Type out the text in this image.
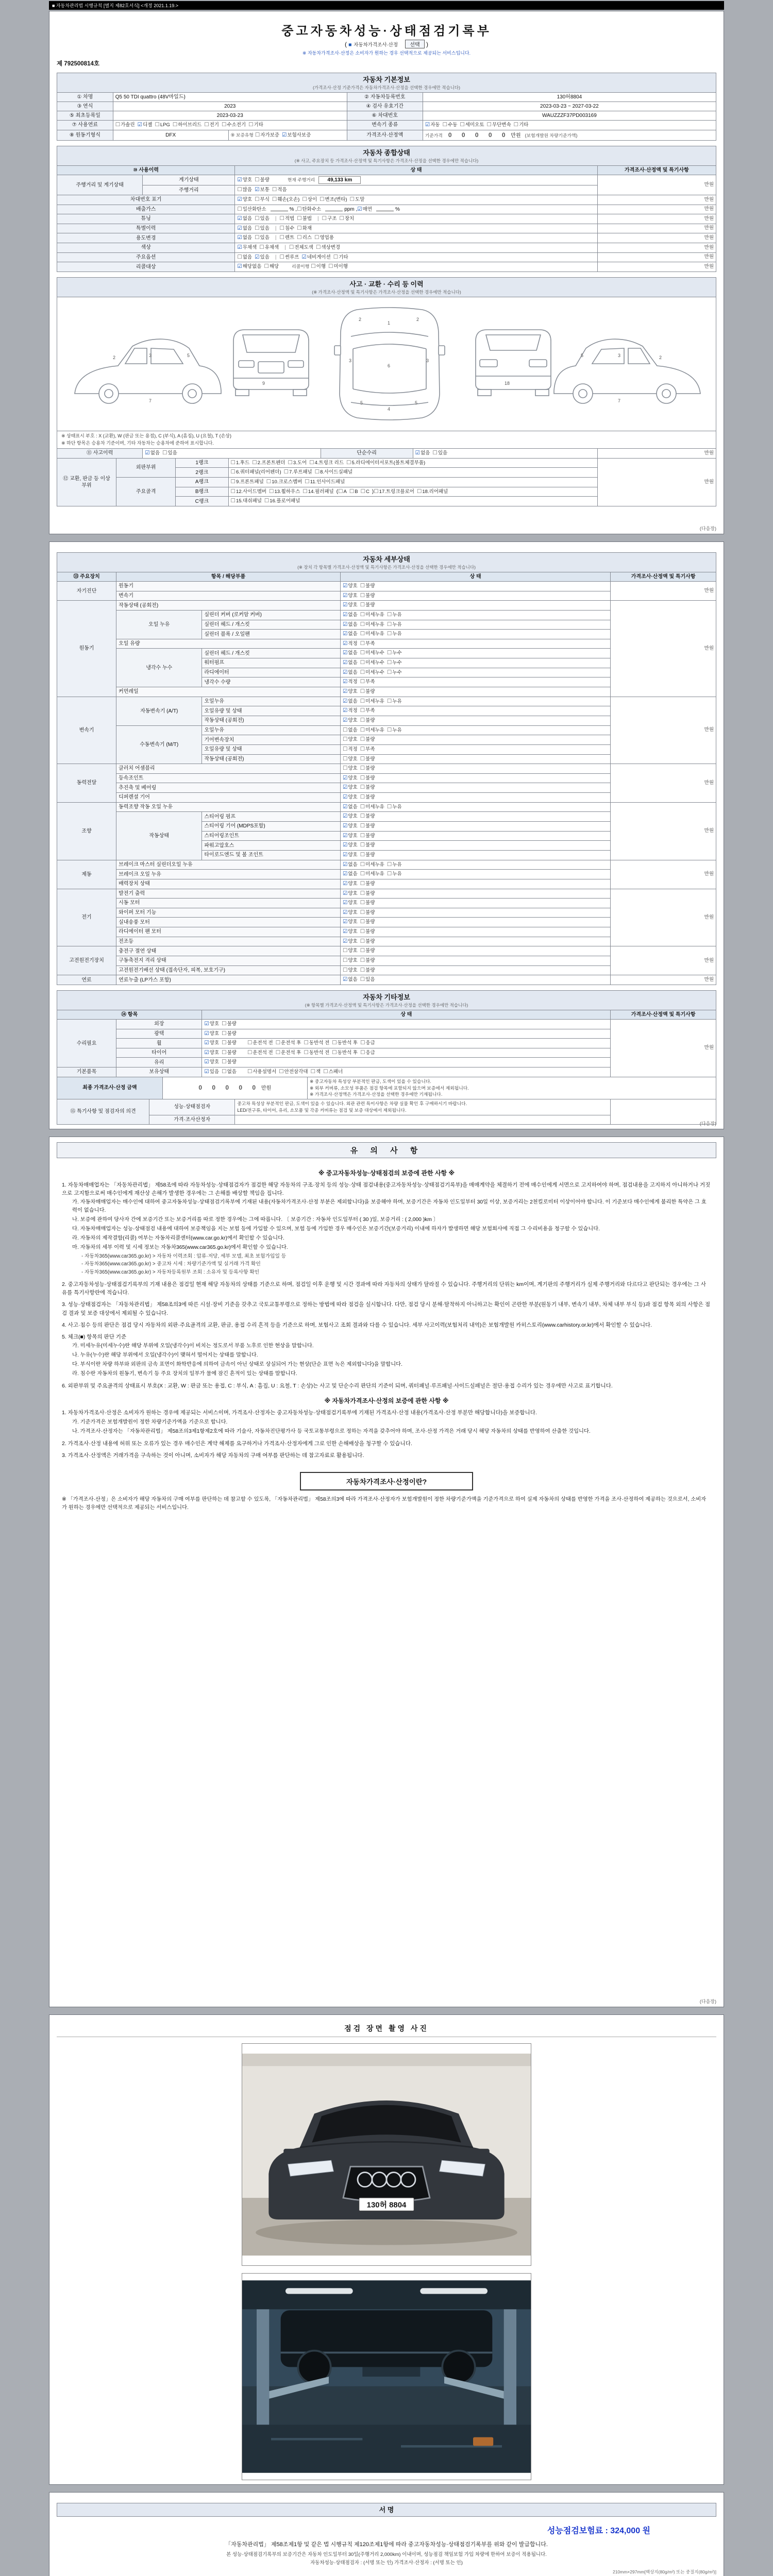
■ 자동차관리법 시행규칙 [별지 제82호서식] <개정 2021.1.19.>
중고자동차성능·상태점검기록부
( ■ 자동차가격조사·산정 선택 )
※ 자동차가격조사·산정은 소비자가 원하는 경우 선택적으로 제공되는 서비스입니다.
제 792500814호
자동차 기본정보
(가격조사·산정 기준가격은 자동차가격조사·산정을 선택한 경우에만 적습니다)
① 차명	Q5 50 TDI quattro (48V마일드)		② 자동차등록번호	130허8804
③ 연식	2023		④ 검사 유효기간	2023-03-23 ~ 2027-03-22
⑤ 최초등록일	2023-03-23		⑥ 차대번호	WAUZZZF37PD003169
⑦ 사용연료	☐가솔린 ☑디젤 ☐LPG ☐하이브리드 ☐전기 ☐수소전기 ☐기타		변속기 종류	☑자동 ☐수동 ☐세미오토 ☐무단변속 ☐기타
⑧ 원동기형식	DFX	⑨ 보증유형 ☐자가보증 ☑보험사보증	가격조사·산정액	기준가격 0 0 0 0 0 만원 (보험개발원 차량기준가액)
자동차 종합상태
(※ 사고, 주요장치 등 가격조사·산정액 및 특기사항은 가격조사·산정을 선택한 경우에만 적습니다)
⑩ 사용이력		상 태	가격조사·산정액 및 특기사항
주행거리 및 계기상태	계기상태	☑양호 ☐불량 현재 주행거리 49,133 km	만원
	주행거리	☐많음 ☑보통 ☐적음	
차대번호 표기		☑양호 ☐부식 ☐훼손(오손) ☐상이 ☐변조(변타) ☐도말	만원
배출가스		☐일산화탄소 % ,☐탄화수소 ppm ,☑매연 %	만원
튜닝		☑없음 ☐있음 | ☐적법 ☐불법 | ☐구조 ☐장치	만원
특별이력		☑없음 ☐있음 | ☐침수 ☐화재	만원
용도변경		☑없음 ☐있음 | ☐렌트 ☐리스 ☐영업용	만원
색상		☑무채색 ☐유채색 | ☐전체도색 ☐색상변경	만원
주요옵션		☐없음 ☑있음 | ☐썬루프 ☑네비게이션 ☐기타	만원
리콜대상		☑해당없음 ☐해당 리콜이행 ☐이행 ☐미이행	만원
사고 · 교환 · 수리 등 이력
(※ 가격조사·산정액 및 특기사항은 가격조사·산정을 선택한 경우에만 적습니다)
1
6
4
2	2
3	3
5	5
9	18
2	3	5
7
3	2
5
7
※ 상태표시 부호 : X (교환), W (판금 또는 용접), C (부식), A (흠집), U (요철), T (손상)
※ 하단 항목은 승용차 기준이며, 기타 자동차는 승용차에 준하여 표시합니다.
⑪ 사고이력	☑없음 ☐있음	단순수리	☑없음 ☐있음	만원
⑫ 교환, 판금 등 이상 부위	외판부위	1랭크	☐1.후드 ☐2.프론트펜더 ☐3.도어 ☐4.트렁크 리드 ☐5.라디에이터서포트(볼트체결부품)	만원
		2랭크	☐6.쿼터패널(리어펜더) ☐7.루프패널 ☐8.사이드실패널	
	주요골격	A랭크	☐9.프론트패널 ☐10.크로스멤버 ☐11.인사이드패널	
		B랭크	☐12.사이드멤버 ☐13.휠하우스 ☐14.필러패널 (☐A ☐B ☐C )☐17.트렁크플로어 ☐18.리어패널	
		C랭크	☐15.대쉬패널 ☐16.플로어패널	
(다음장)
자동차 세부상태
(※ 장치 각 항목별 가격조사·산정액 및 특기사항은 가격조사·산정을 선택한 경우에만 적습니다)
⑬ 주요장치	항목 / 해당부품		상 태	가격조사·산정액 및 특기사항
자기진단	원동기		☑양호 ☐불량	만원
	변속기		☑양호 ☐불량	
원동기	작동상태 (공회전)		☑양호 ☐불량	만원
	오일 누유	실린더 커버 (로커암 커버)	☑없음 ☐미세누유 ☐누유	
		실린더 헤드 / 개스킷	☑없음 ☐미세누유 ☐누유	
		실린더 블록 / 오일팬	☑없음 ☐미세누유 ☐누유	
	오일 유량		☑적정 ☐부족	
	냉각수 누수	실린더 헤드 / 개스킷	☑없음 ☐미세누수 ☐누수	
		워터펌프	☑없음 ☐미세누수 ☐누수	
		라디에이터	☑없음 ☐미세누수 ☐누수	
		냉각수 수량	☑적정 ☐부족	
	커먼레일		☑양호 ☐불량	
변속기	자동변속기 (A/T)	오일누유	☑없음 ☐미세누유 ☐누유	만원
		오일유량 및 상태	☑적정 ☐부족	
		작동상태 (공회전)	☑양호 ☐불량	
	수동변속기 (M/T)	오일누유	☐없음 ☐미세누유 ☐누유	
		기어변속장치	☐양호 ☐불량	
		오일유량 및 상태	☐적정 ☐부족	
		작동상태 (공회전)	☐양호 ☐불량	
동력전달	클러치 어셈블리		☐양호 ☐불량	만원
	등속조인트		☑양호 ☐불량	
	추진축 및 베어링		☑양호 ☐불량	
	디퍼렌셜 기어		☑양호 ☐불량	
조향	동력조향 작동 오일 누유		☑없음 ☐미세누유 ☐누유	만원
	작동상태	스티어링 펌프	☑양호 ☐불량	
		스티어링 기어 (MDPS포함)	☑양호 ☐불량	
		스티어링조인트	☑양호 ☐불량	
		파워고압호스	☑양호 ☐불량	
		타이로드엔드 및 볼 조인트	☑양호 ☐불량	
제동	브레이크 마스터 실린더오일 누유		☑없음 ☐미세누유 ☐누유	만원
	브레이크 오일 누유		☑없음 ☐미세누유 ☐누유	
	배력장치 상태		☑양호 ☐불량	
전기	발전기 출력		☑양호 ☐불량	만원
	시동 모터		☑양호 ☐불량	
	와이퍼 모터 기능		☑양호 ☐불량	
	실내송풍 모터		☑양호 ☐불량	
	라디에이터 팬 모터		☑양호 ☐불량	
	전조등		☑양호 ☐불량	
고전원전기장치	충전구 절연 상태		☐양호 ☐불량	만원
	구동축전지 격리 상태		☐양호 ☐불량	
	고전원전기배선 상태 (접속단자, 피복, 보호기구)		☐양호 ☐불량	
연료	연료누출 (LP가스 포함)		☑없음 ☐있음	만원
자동차 기타정보
(※ 항목별 가격조사·산정액 및 특기사항은 가격조사·산정을 선택한 경우에만 적습니다)
⑭ 항목		상 태	가격조사·산정액 및 특기사항
수리필요	외장	☑양호 ☐불량	만원
	광택	☑양호 ☐불량	
	휠	☑양호 ☐불량 ☐운전석 전 ☐운전석 후 ☐동반석 전 ☐동반석 후 ☐응급	
	타이어	☑양호 ☐불량 ☐운전석 전 ☐운전석 후 ☐동반석 전 ☐동반석 후 ☐응급	
	유리	☑양호 ☐불량	
기본품목	보유상태	☑있음 ☐없음 ☐사용설명서 ☐안전삼각대 ☐잭 ☐스패너	
최종 가격조사·산정 금액	0 0 0 0 0 만원	
※ 중고자동차 특성상 부분적인 판금, 도색이 있을 수 있습니다.
※ 외부 커버류, 소모성 부품은 점검 항목에 포함되지 않으며 보증에서 제외됩니다.
※ 가격조사·산정액은 가격조사·산정을 선택한 경우에만 기재됩니다.
⑮ 특기사항 및 점검자의 의견	성능·상태점검자	중고차 특성상 부분적인 판금, 도색이 있을 수 있습니다. 외관 관련 특이사항은 차량 실물 확인 후 구매하시기 바랍니다.
LED/전구류, 타이어, 유리, 소모품 및 각종 커버류는 점검 및 보증 대상에서 제외됩니다.	

	가격·조사산정자		
(다음장)
유 의 사 항

※ 중고자동차성능·상태점검의 보증에 관한 사항 ※

1. 자동차매매업자는 「자동차관리법」 제58조에 따라 자동차성능·상태점검자가 점검한 해당 자동차의 구조·장치 등의 성능·상태 점검내용(중고자동차성능·상태점검기록부)을 매매계약을 체결하기 전에 매수인에게 서면으로 고지하여야 하며, 점검내용을 고지하지 아니하거나 거짓으로 고지함으로써 매수인에게 재산상 손해가 발생한 경우에는 그 손해를 배상할 책임을 집니다.

가. 자동차매매업자는 매수인에 대하여 중고자동차성능·상태점검기록부에 기재된 내용(자동차가격조사·산정 부분은 제외합니다)을 보증해야 하며, 보증기간은 자동차 인도일부터 30일 이상, 보증거리는 2천킬로미터 이상이어야 합니다. 이 기준보다 매수인에게 불리한 특약은 그 효력이 없습니다.

나. 보증에 관하여 당사자 간에 보증기간 또는 보증거리를 따로 정한 경우에는 그에 따릅니다. 〔 보증기간 : 자동차 인도일부터 ( 30 )일, 보증거리 : ( 2,000 )km 〕

다. 자동차매매업자는 성능·상태점검 내용에 대하여 보증책임을 지는 보험 등에 가입할 수 있으며, 보험 등에 가입한 경우 매수인은 보증기간(보증거리) 이내에 하자가 발생하면 해당 보험회사에 직접 그 수리비용을 청구할 수 있습니다.

라. 자동차의 제작결함(리콜) 여부는 자동차리콜센터(www.car.go.kr)에서 확인할 수 있습니다.

마. 자동차의 세부 이력 및 시세 정보는 자동차365(www.car365.go.kr)에서 확인할 수 있습니다.

- 자동차365(www.car365.go.kr) > 자동차 이력조회 : 압류·저당, 세부 모델, 최초 보험가입일 등

- 자동차365(www.car365.go.kr) > 중고차 시세 : 차량기준가액 및 실거래 가격 확인

- 자동차365(www.car365.go.kr) > 자동차등록원부 조회 : 소유자 및 등록사항 확인

2. 중고자동차성능·상태점검기록부의 기재 내용은 점검일 현재 해당 자동차의 상태를 기준으로 하며, 점검일 이후 운행 및 시간 경과에 따라 자동차의 상태가 달라질 수 있습니다. 주행거리의 단위는 km이며, 계기판의 주행거리가 실제 주행거리와 다르다고 판단되는 경우에는 그 사유를 특기사항란에 적습니다.

3. 성능·상태점검자는 「자동차관리법」 제58조의3에 따른 시설·장비 기준을 갖추고 국토교통부령으로 정하는 방법에 따라 점검을 실시합니다. 다만, 점검 당시 분해·탈착하지 아니하고는 확인이 곤란한 부분(원동기 내부, 변속기 내부, 차체 내부 부식 등)과 점검 항목 외의 사항은 점검 결과 및 보증 대상에서 제외될 수 있습니다.

4. 사고·침수 등의 판단은 점검 당시 자동차의 외판·주요골격의 교환, 판금, 용접 수리 흔적 등을 기준으로 하며, 보험사고 조회 결과와 다를 수 있습니다. 세부 사고이력(보험처리 내역)은 보험개발원 카히스토리(www.carhistory.or.kr)에서 확인할 수 있습니다.

5. 체크(■) 항목의 판단 기준

가. 미세누유(미세누수)란 해당 부위에 오일(냉각수)이 비치는 정도로서 부품 노후로 인한 현상을 말합니다.

나. 누유(누수)란 해당 부위에서 오일(냉각수)이 맺혀서 떨어지는 상태를 말합니다.

다. 부식이란 차량 하부와 외판의 금속 표면이 화학반응에 의하여 금속이 아닌 상태로 상실되어 가는 현상(단순 표면 녹은 제외합니다)을 말합니다.

라. 침수란 자동차의 원동기, 변속기 등 주요 장치의 일부가 물에 잠긴 흔적이 있는 상태를 말합니다.

6. 외판부위 및 주요골격의 상태표시 부호(X : 교환, W : 판금 또는 용접, C : 부식, A : 흠집, U : 요철, T : 손상)는 사고 및 단순수리 판단의 기준이 되며, 쿼터패널·루프패널·사이드실패널은 절단·용접 수리가 있는 경우에만 사고로 표기합니다.

※ 자동차가격조사·산정의 보증에 관한 사항 ※

1. 자동차가격조사·산정은 소비자가 원하는 경우에 제공되는 서비스이며, 가격조사·산정자는 중고자동차성능·상태점검기록부에 기재된 가격조사·산정 내용(가격조사·산정 부분만 해당합니다)을 보증합니다.

가. 기준가격은 보험개발원이 정한 차량기준가액을 기준으로 합니다.

나. 가격조사·산정자는 「자동차관리법」 제58조의3제1항제2호에 따라 기술사, 자동차진단평가사 등 국토교통부령으로 정하는 자격을 갖추어야 하며, 조사·산정 가격은 거래 당시 해당 자동차의 상태를 반영하여 산출한 것입니다.

2. 가격조사·산정 내용에 허위 또는 오류가 있는 경우 매수인은 계약 해제를 요구하거나 가격조사·산정자에게 그로 인한 손해배상을 청구할 수 있습니다.

3. 가격조사·산정액은 거래가격을 구속하는 것이 아니며, 소비자가 해당 자동차의 구매 여부를 판단하는 데 참고자료로 활용됩니다.

자동차가격조사·산정이란?

※ 「가격조사·산정」은 소비자가 해당 자동차의 구매 여부를 판단하는 데 참고할 수 있도록, 「자동차관리법」 제58조의3에 따라 가격조사·산정자가 보험개발원이 정한 차량기준가액을 기준가격으로 하여 실제 자동차의 상태를 반영한 가격을 조사·산정하여 제공하는 것으로서, 소비자가 원하는 경우에만 선택적으로 제공되는 서비스입니다.

(다음장)
점검 장면 촬영 사진
130허 8804
서 명
성능점검보험료 : 324,000 원

「자동차관리법」 제58조제1항 및 같은 법 시행규칙 제120조제1항에 따라 중고자동차성능·상태점검기록부를 위와 같이 발급합니다.

본 성능·상태점검기록부의 보증기간은 자동차 인도일부터 30일(주행거리 2,000km) 이내이며, 성능점검 책임보험 가입 차량에 한하여 보증이 적용됩니다.

자동차성능·상태점검자 : (서명 또는 인) 가격조사·산정자 : (서명 또는 인)

210mm×297mm[백상지(80g/m²) 또는 중질지(80g/m²)]
